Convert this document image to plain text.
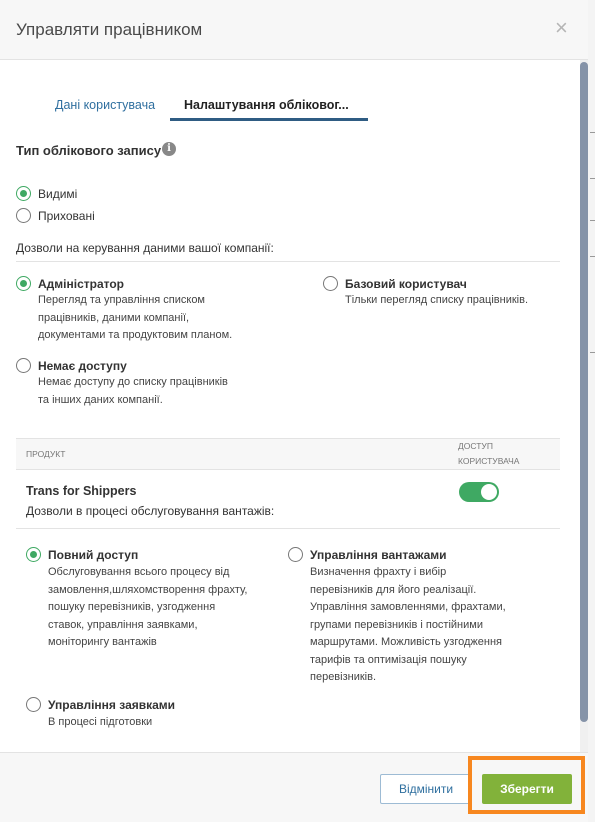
Управляти працівником	×
Дані користувача Налаштування обліковог...
Тип облікового запису i
Видимі
Приховані
Дозволи на керування даними вашої компанії:
Адміністратор
Перегляд та управління списком
працівників, даними компанії,
документами та продуктовим планом.
Базовий користувач
Тільки перегляд списку працівників.
Немає доступу
Немає доступу до списку працівників
та інших даних компанії.
ПРОДУКТ
ДОСТУП
КОРИСТУВАЧА
Trans for Shippers
Дозволи в процесі обслуговування вантажів:
Повний доступ
Обслуговування всього процесу від
замовлення,шляхомстворення фрахту,
пошуку перевізників, узгодження
ставок, управління заявками,
моніторингу вантажів
Управління вантажами
Визначення фрахту і вибір
перевізників для його реалізації.
Управління замовленнями, фрахтами,
групами перевізників і постійними
маршрутами. Можливість узгодження
тарифів та оптимізація пошуку
перевізників.
Управління заявками
В процесі підготовки
Відмінити	Зберегти
